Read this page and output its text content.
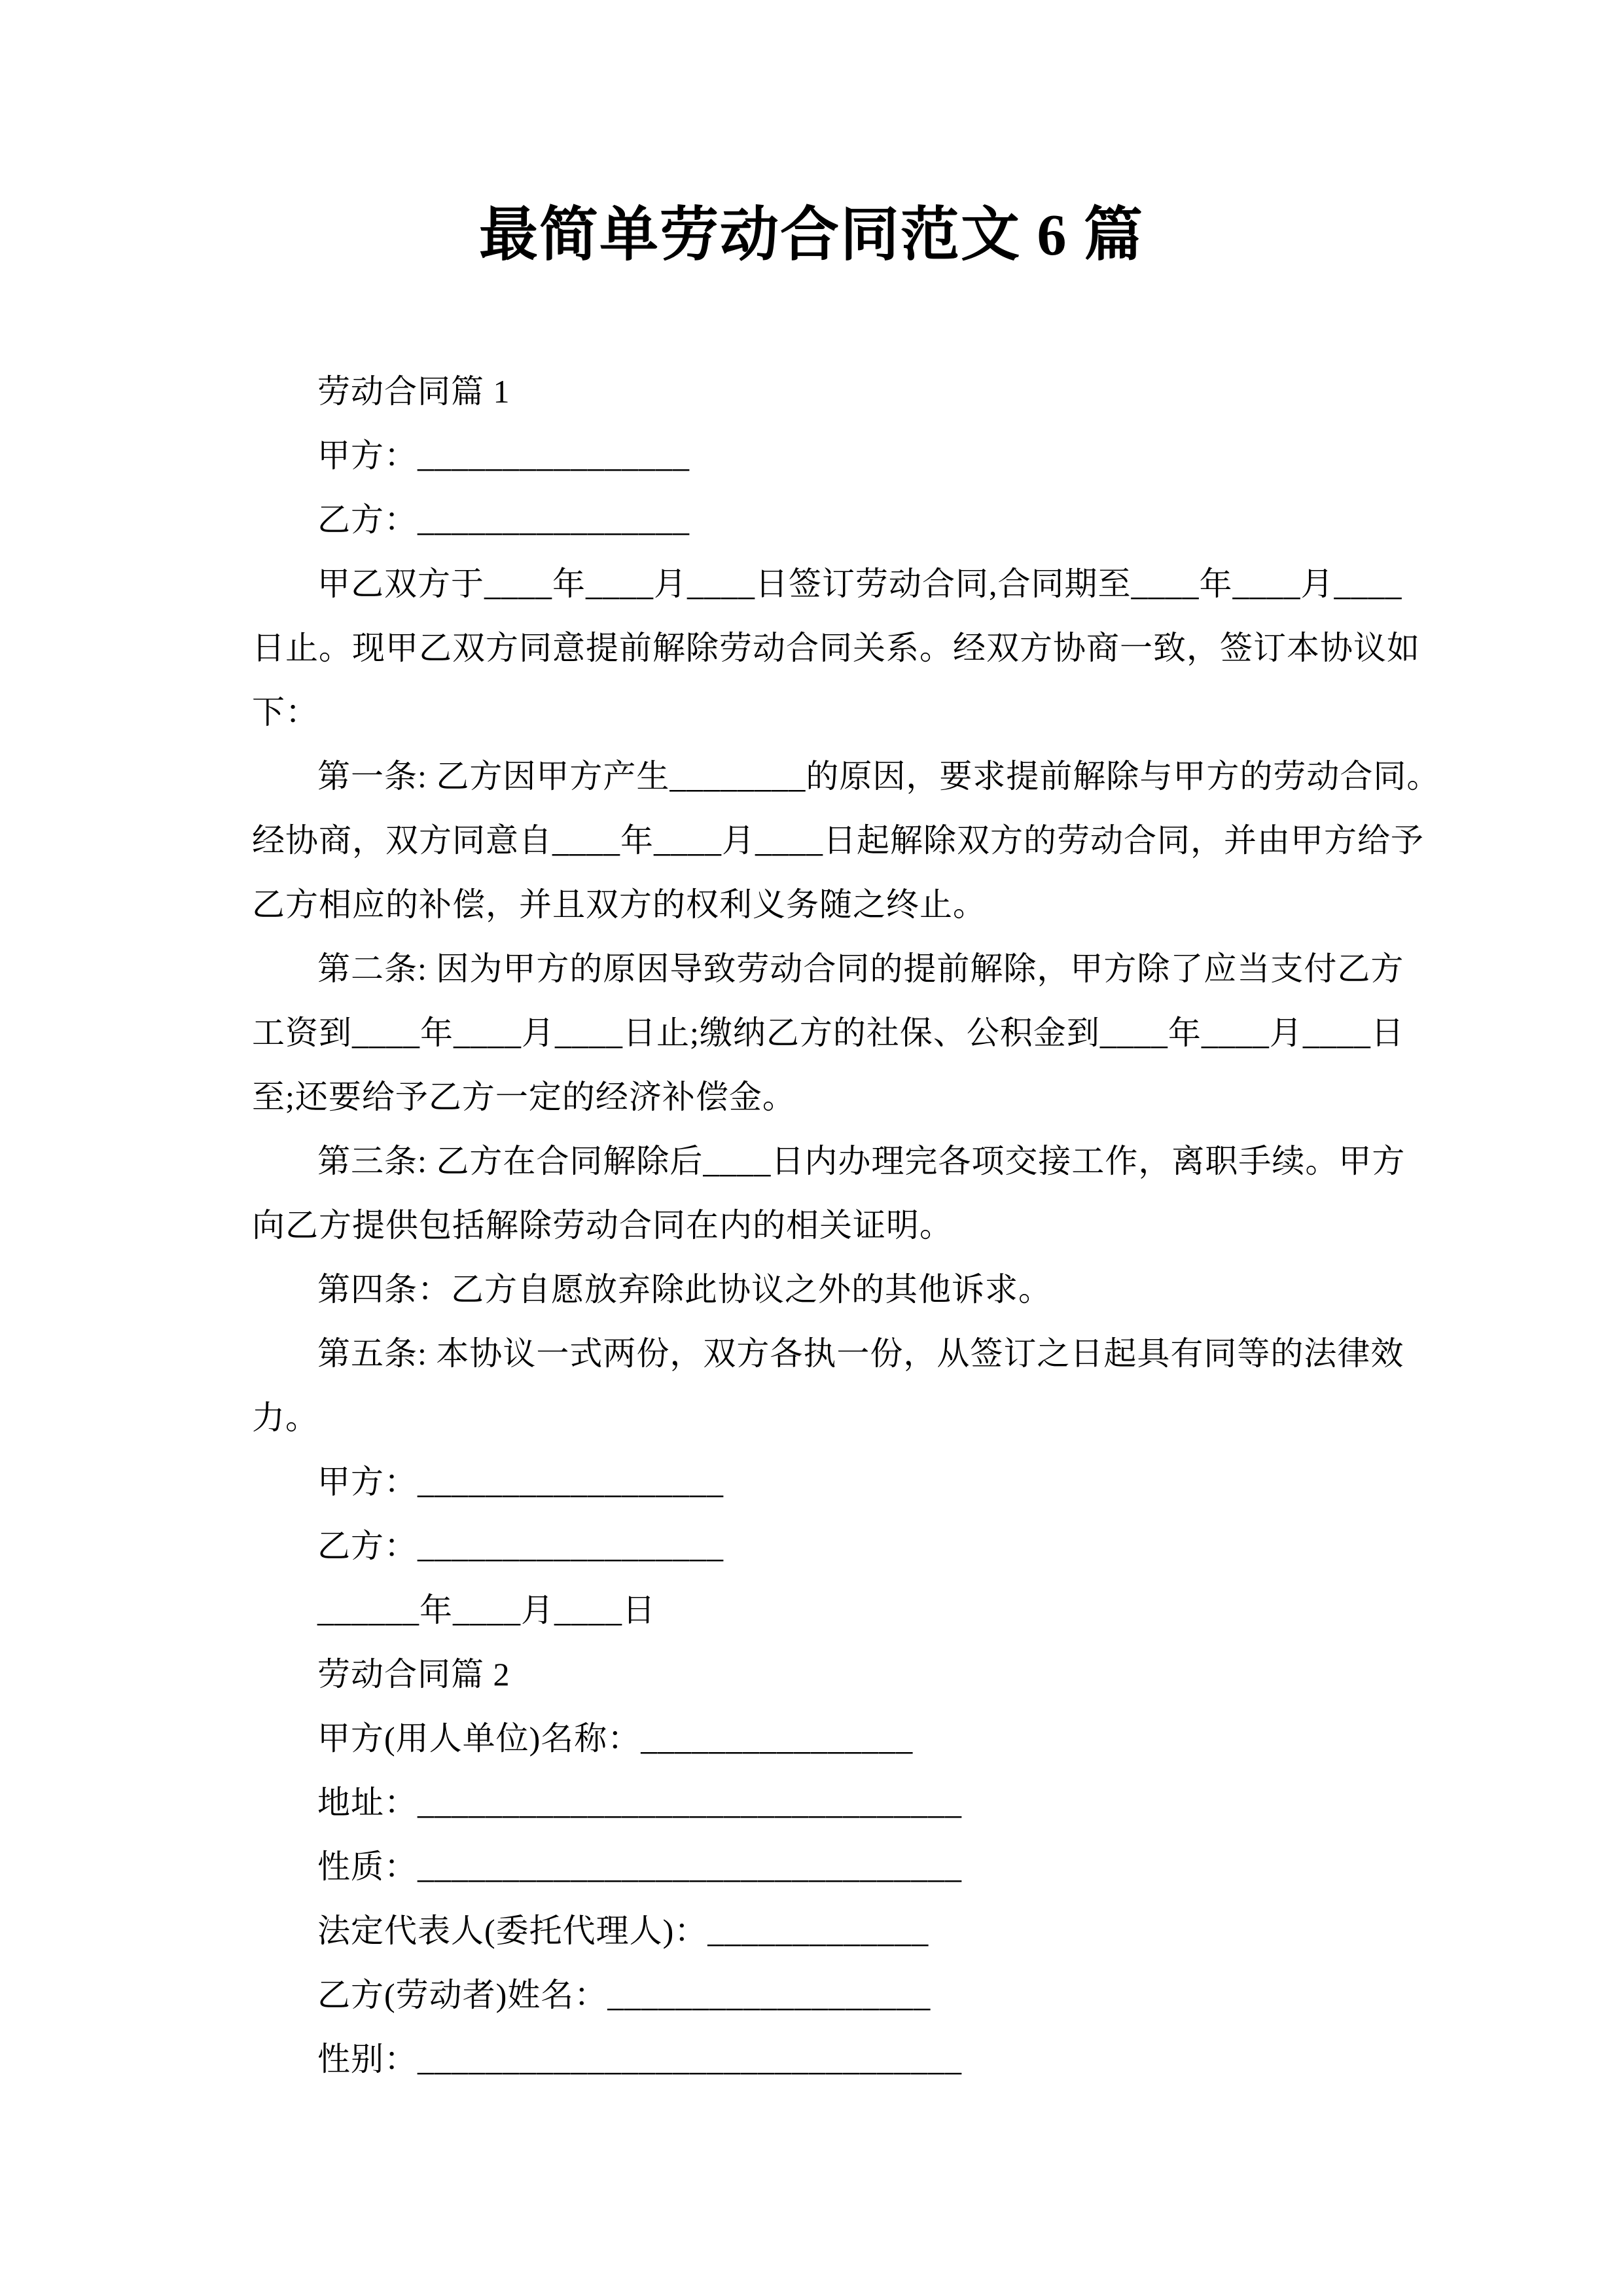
最简单劳动合同范文 6 篇

劳动合同篇 1

甲方：________________

乙方：________________

甲乙双方于____年____月____日签订劳动合同,合同期至____年____月____

日止。现甲乙双方同意提前解除劳动合同关系。经双方协商一致，签订本协议如

下：

第一条: 乙方因甲方产生________的原因，要求提前解除与甲方的劳动合同。

经协商，双方同意自____年____月____日起解除双方的劳动合同，并由甲方给予

乙方相应的补偿，并且双方的权利义务随之终止。

第二条: 因为甲方的原因导致劳动合同的提前解除，甲方除了应当支付乙方

工资到____年____月____日止;缴纳乙方的社保、公积金到____年____月____日

至;还要给予乙方一定的经济补偿金。

第三条: 乙方在合同解除后____日内办理完各项交接工作，离职手续。甲方

向乙方提供包括解除劳动合同在内的相关证明。

第四条：乙方自愿放弃除此协议之外的其他诉求。

第五条: 本协议一式两份，双方各执一份，从签订之日起具有同等的法律效

力。

甲方：__________________

乙方：__________________

______年____月____日

劳动合同篇 2

甲方(用人单位)名称：________________

地址：________________________________

性质：________________________________

法定代表人(委托代理人)：_____________

乙方(劳动者)姓名：___________________

性别：________________________________
